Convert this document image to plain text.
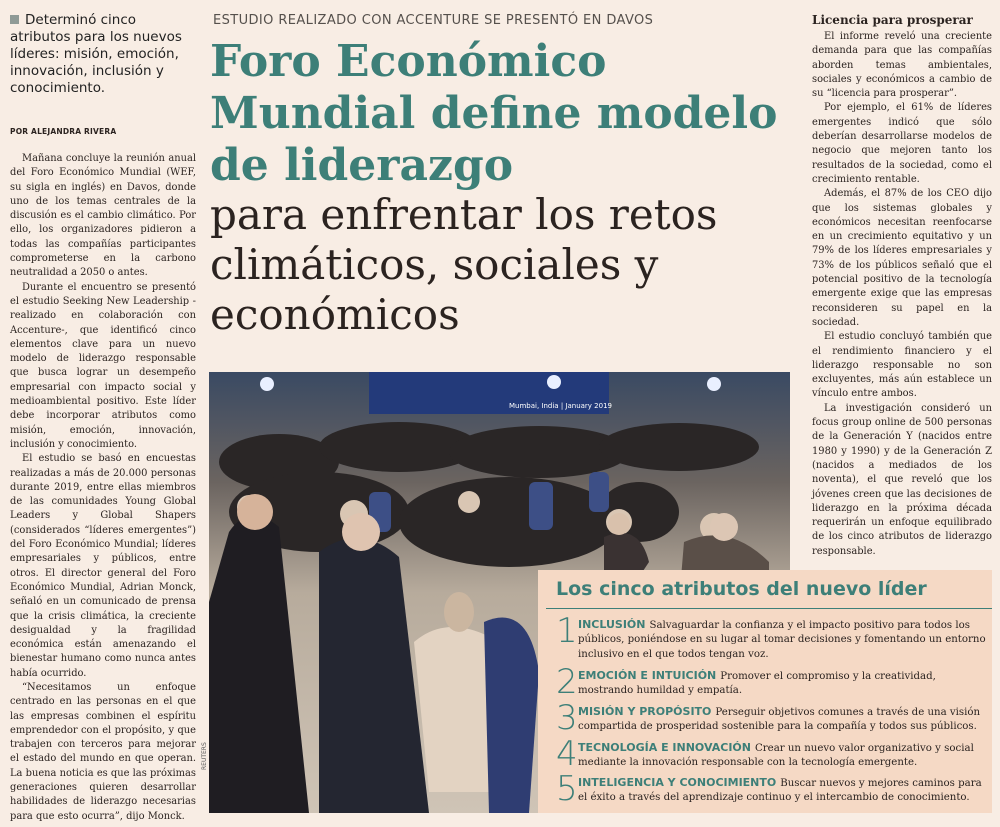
Determinó cinco atributos para los nuevos líderes: misión, emoción, innovación, inclusión y conocimiento.
POR ALEJANDRA RIVERA

Mañana concluye la reunión anual del Foro Económico Mundial (WEF, su sigla en inglés) en Davos, donde uno de los temas centrales de la discusión es el cambio climático. Por ello, los organizadores pidieron a todas las compañías participantes comprometerse en la carbono neutralidad a 2050 o antes.

Durante el encuentro se presentó el estudio Seeking New Leadership -realizado en colaboración con Accenture-, que identificó cinco elementos clave para un nuevo modelo de liderazgo responsable que busca lograr un desempeño empresarial con impacto social y medioambiental positivo. Este líder debe incorporar atributos como misión, emoción, innovación, inclusión y conocimiento.

El estudio se basó en encuestas realizadas a más de 20.000 personas durante 2019, entre ellas miembros de las comunidades Young Global Leaders y Global Shapers (considerados “líderes emergentes”) del Foro Económico Mundial; líderes empresariales y públicos, entre otros. El director general del Foro Económico Mundial, Adrian Monck, señaló en un comunicado de prensa que la crisis climática, la creciente desigualdad y la fragilidad económica están amenazando el bienestar humano como nunca antes había ocurrido.

“Necesitamos un enfoque centrado en las personas en el que las empresas combinen el espíritu emprendedor con el propósito, y que trabajen con terceros para mejorar el estado del mundo en que operan. La buena noticia es que las próximas generaciones quieren desarrollar habilidades de liderazgo necesarias para que esto ocurra”, dijo Monck.

ESTUDIO REALIZADO CON ACCENTURE SE PRESENTÓ EN DAVOS
Foro Económico Mundial define modelo de liderazgo
para enfrentar los retos climáticos, sociales y económicos
Licencia para prosperar

El informe reveló una creciente demanda para que las compañías aborden temas ambientales, sociales y económicos a cambio de su “licencia para prosperar”.

Por ejemplo, el 61% de líderes emergentes indicó que sólo deberían desarrollarse modelos de negocio que mejoren tanto los resultados de la sociedad, como el crecimiento rentable.

Además, el 87% de los CEO dijo que los sistemas globales y económicos necesitan reenfocarse en un crecimiento equitativo y un 79% de los líderes empresariales y 73% de los públicos señaló que el potencial positivo de la tecnología emergente exige que las empresas reconsideren su papel en la sociedad.

El estudio concluyó también que el rendimiento financiero y el liderazgo responsable no son excluyentes, más aún establece un vínculo entre ambos.

La investigación consideró un focus group online de 500 personas de la Generación Y (nacidos entre 1980 y 1990) y de la Generación Z (nacidos a mediados de los noventa), el que reveló que los jóvenes creen que las decisiones de liderazgo en la próxima década requerirán un enfoque equilibrado de los cinco atributos de liderazgo responsable.

Mumbai, India | January 2019
REUTERS
Los cinco atributos del nuevo líder
1 INCLUSIÓN Salvaguardar la confianza y el impacto positivo para todos los públicos, poniéndose en su lugar al tomar decisiones y fomentando un entorno inclusivo en el que todos tengan voz.
2 EMOCIÓN E INTUICIÓN Promover el compromiso y la creatividad, mostrando humildad y empatía.
3 MISIÓN Y PROPÓSITO Perseguir objetivos comunes a través de una visión compartida de prosperidad sostenible para la compañía y todos sus públicos.
4 TECNOLOGÍA E INNOVACIÓN Crear un nuevo valor organizativo y social mediante la innovación responsable con la tecnología emergente.
5 INTELIGENCIA Y CONOCIMIENTO Buscar nuevos y mejores caminos para el éxito a través del aprendizaje continuo y el intercambio de conocimiento.
